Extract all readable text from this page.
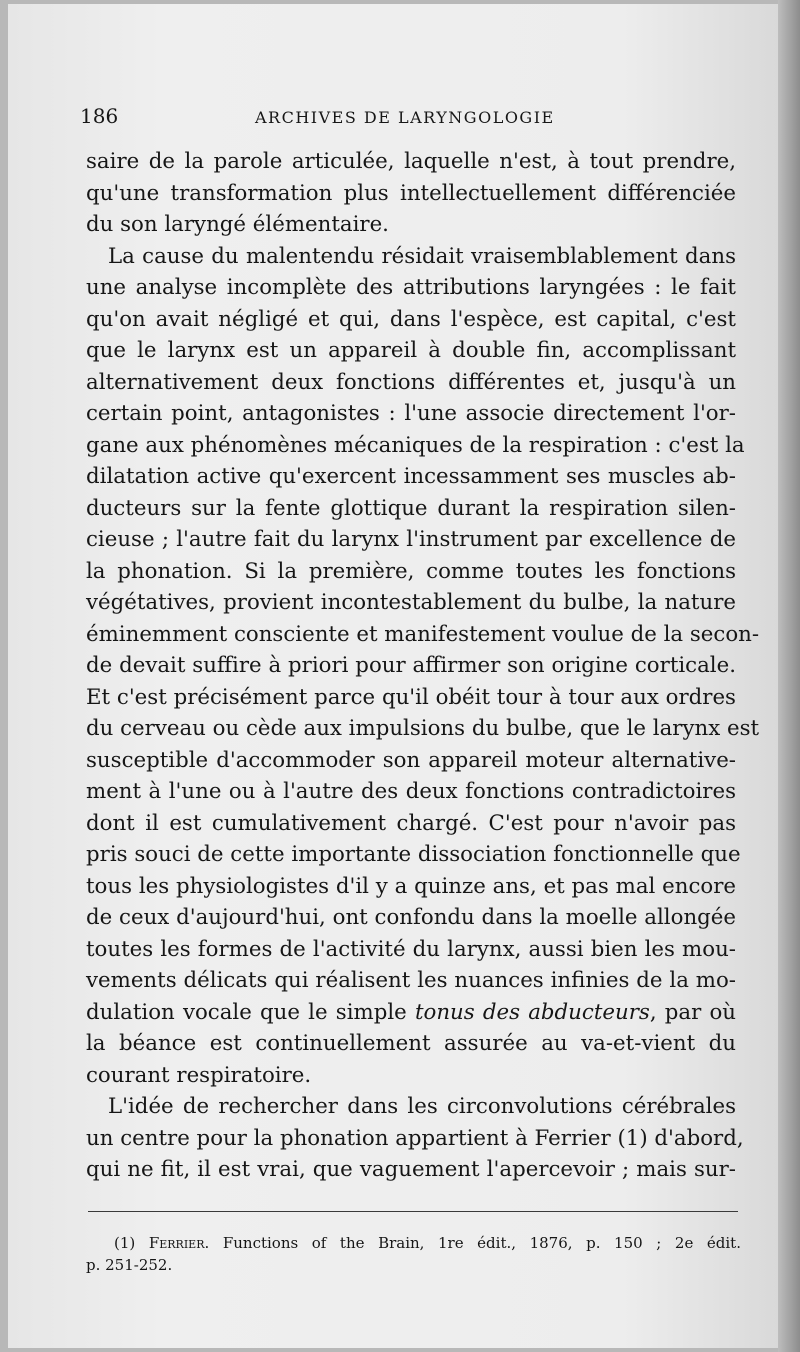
186	ARCHIVES DE LARYNGOLOGIE
saire de la parole articulée, laquelle n'est, à tout prendre,
qu'une transformation plus intellectuellement différenciée
du son laryngé élémentaire.
La cause du malentendu résidait vraisemblablement dans
une analyse incomplète des attributions laryngées : le fait
qu'on avait négligé et qui, dans l'espèce, est capital, c'est
que le larynx est un appareil à double fin, accomplissant
alternativement deux fonctions différentes et, jusqu'à un
certain point, antagonistes : l'une associe directement l'or-
gane aux phénomènes mécaniques de la respiration : c'est la
dilatation active qu'exercent incessamment ses muscles ab-
ducteurs sur la fente glottique durant la respiration silen-
cieuse ; l'autre fait du larynx l'instrument par excellence de
la phonation. Si la première, comme toutes les fonctions
végétatives, provient incontestablement du bulbe, la nature
éminemment consciente et manifestement voulue de la secon-
de devait suffire à priori pour affirmer son origine corticale.
Et c'est précisément parce qu'il obéit tour à tour aux ordres
du cerveau ou cède aux impulsions du bulbe, que le larynx est
susceptible d'accommoder son appareil moteur alternative-
ment à l'une ou à l'autre des deux fonctions contradictoires
dont il est cumulativement chargé. C'est pour n'avoir pas
pris souci de cette importante dissociation fonctionnelle que
tous les physiologistes d'il y a quinze ans, et pas mal encore
de ceux d'aujourd'hui, ont confondu dans la moelle allongée
toutes les formes de l'activité du larynx, aussi bien les mou-
vements délicats qui réalisent les nuances infinies de la mo-
dulation vocale que le simple tonus des abducteurs, par où
la béance est continuellement assurée au va-et-vient du
courant respiratoire.
L'idée de rechercher dans les circonvolutions cérébrales
un centre pour la phonation appartient à Ferrier (1) d'abord,
qui ne fit, il est vrai, que vaguement l'apercevoir ; mais sur-
(1) Ferrier. Functions of the Brain, 1re édit., 1876, p. 150 ; 2e édit.
p. 251-252.
